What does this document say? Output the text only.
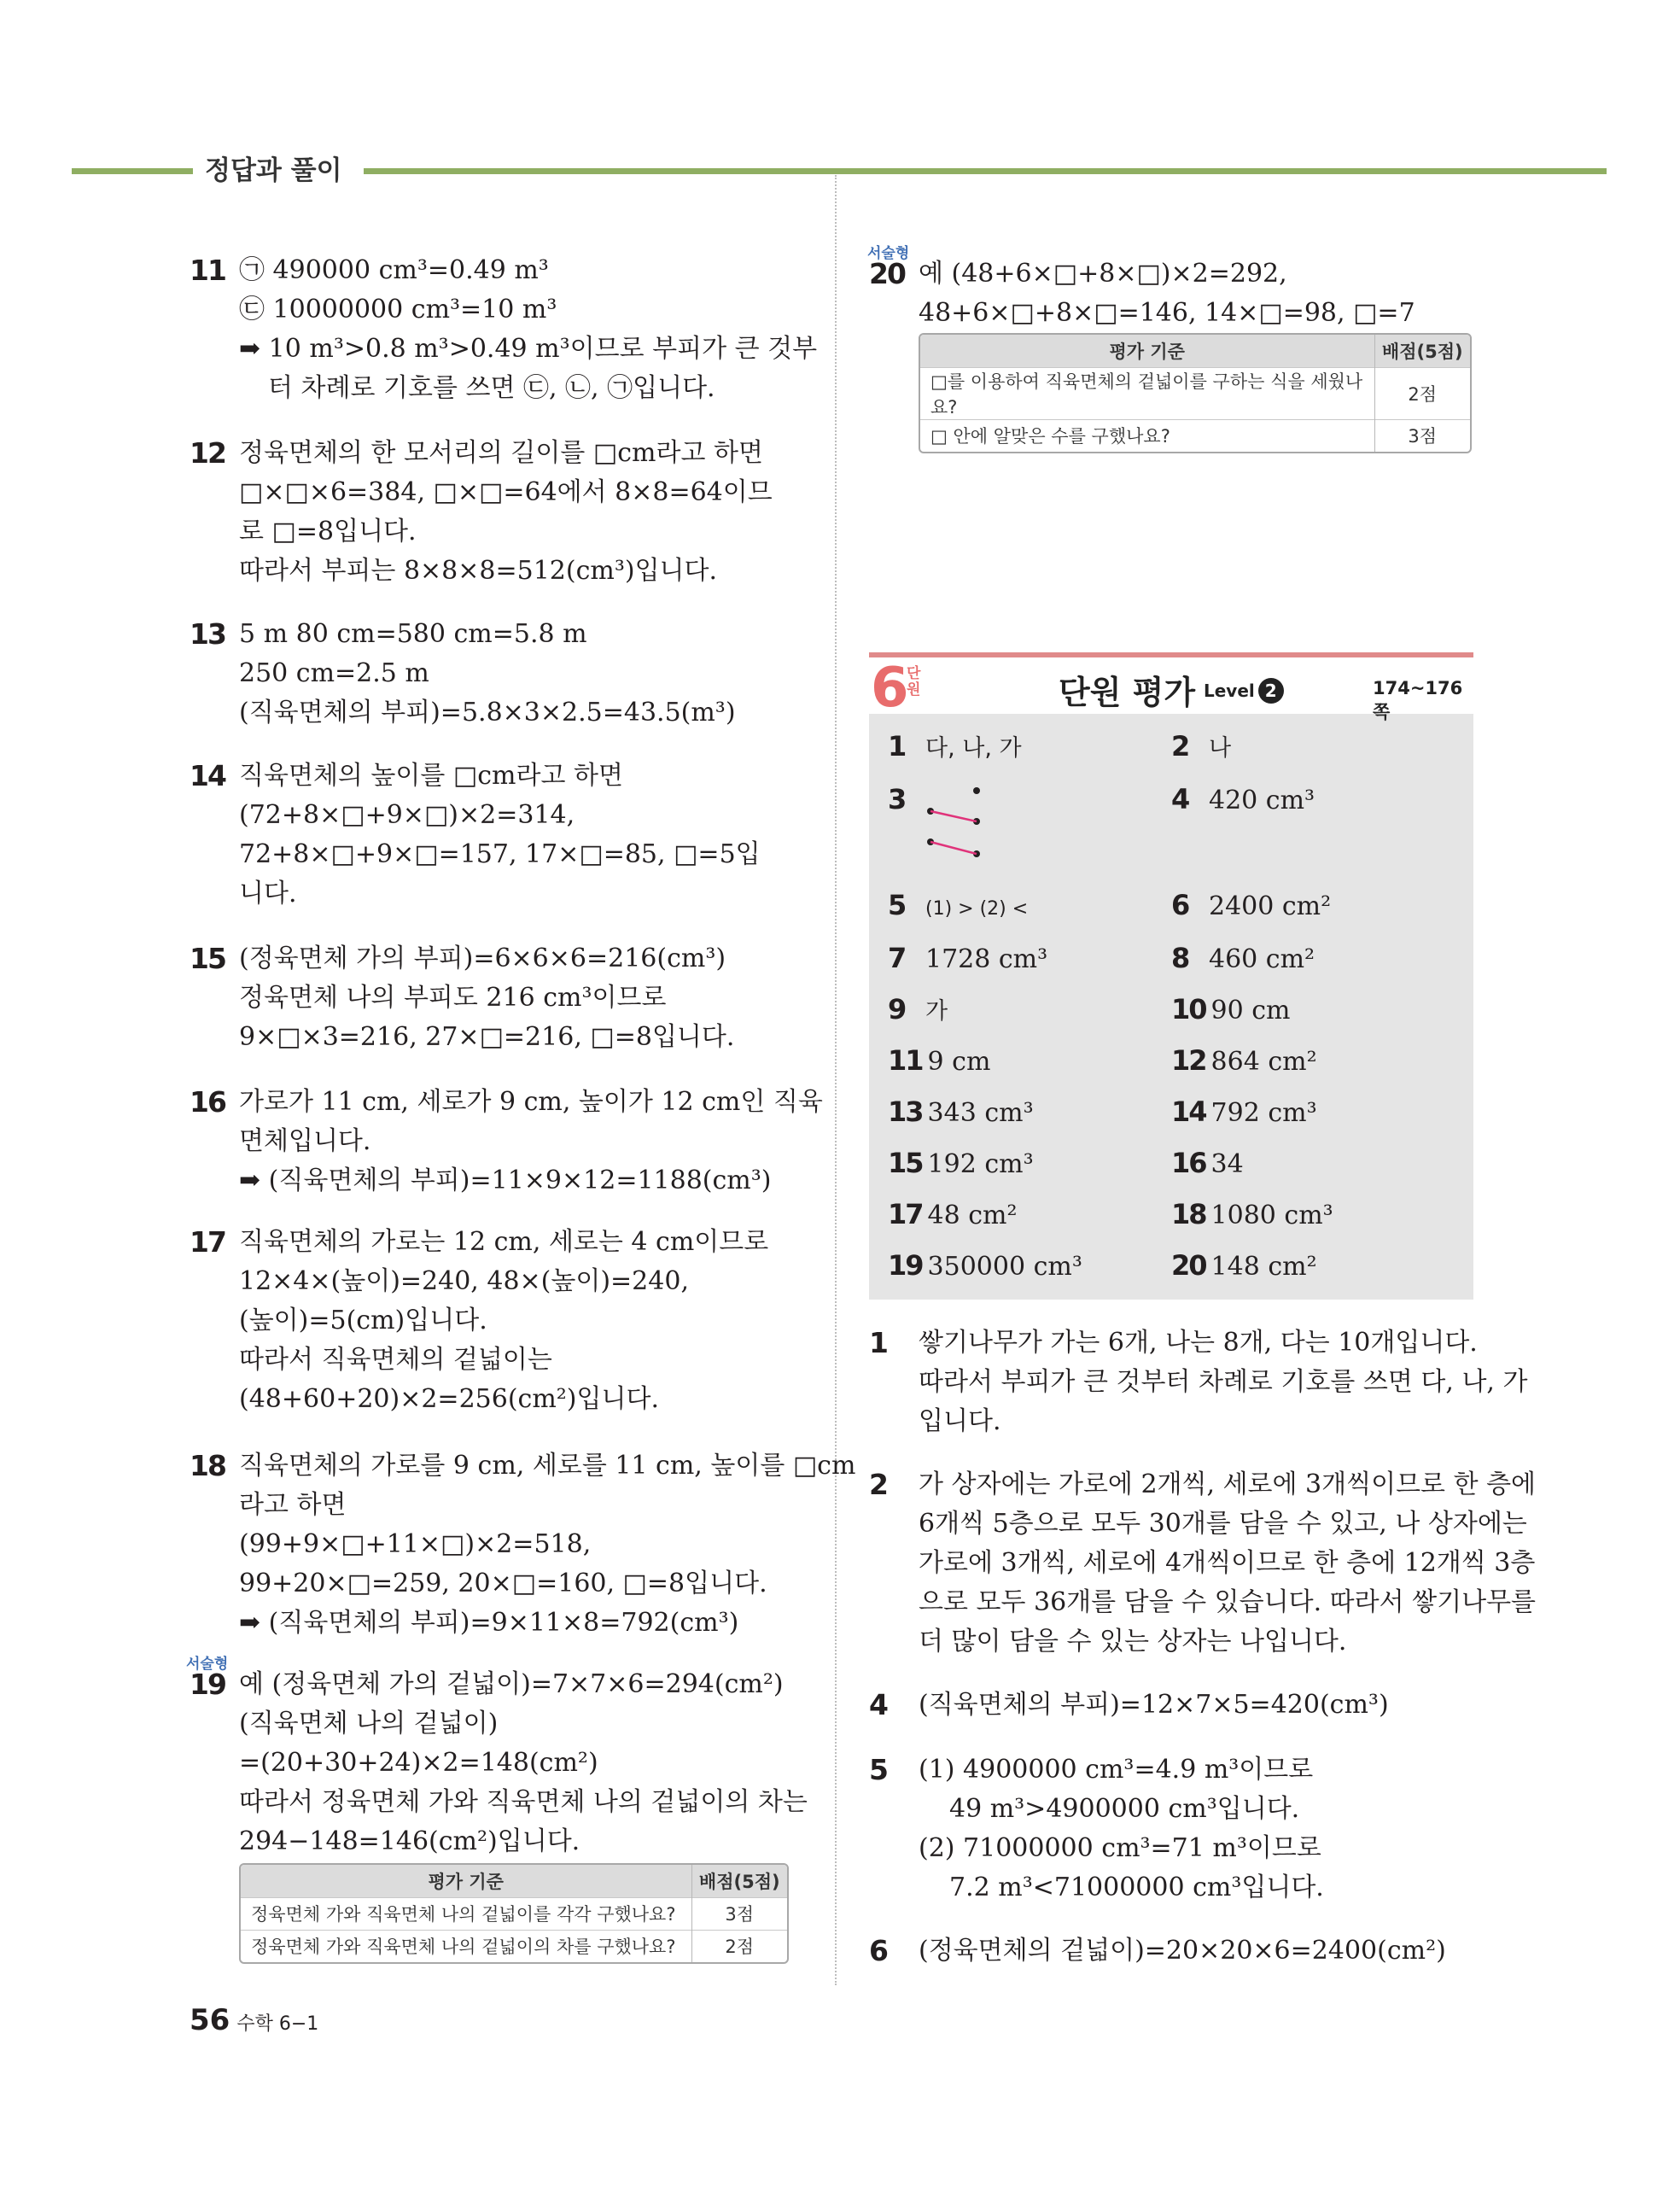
정답과 풀이
11 ㉠ 490000 cm³=0.49 m³
㉢ 10000000 cm³=10 m³
➡ 10 m³>0.8 m³>0.49 m³이므로 부피가 큰 것부
터 차례로 기호를 쓰면 ㉢, ㉡, ㉠입니다.
12 정육면체의 한 모서리의 길이를 □cm라고 하면
□×□×6=384, □×□=64에서 8×8=64이므
로 □=8입니다.
따라서 부피는 8×8×8=512(cm³)입니다.
13 5 m 80 cm=580 cm=5.8 m
250 cm=2.5 m
(직육면체의 부피)=5.8×3×2.5=43.5(m³)
14 직육면체의 높이를 □cm라고 하면
(72+8×□+9×□)×2=314,
72+8×□+9×□=157, 17×□=85, □=5입
니다.
15 (정육면체 가의 부피)=6×6×6=216(cm³)
정육면체 나의 부피도 216 cm³이므로
9×□×3=216, 27×□=216, □=8입니다.
16 가로가 11 cm, 세로가 9 cm, 높이가 12 cm인 직육
면체입니다.
➡ (직육면체의 부피)=11×9×12=1188(cm³)
17 직육면체의 가로는 12 cm, 세로는 4 cm이므로
12×4×(높이)=240, 48×(높이)=240,
(높이)=5(cm)입니다.
따라서 직육면체의 겉넓이는
(48+60+20)×2=256(cm²)입니다.
18 직육면체의 가로를 9 cm, 세로를 11 cm, 높이를 □cm
라고 하면
(99+9×□+11×□)×2=518,
99+20×□=259, 20×□=160, □=8입니다.
➡ (직육면체의 부피)=9×11×8=792(cm³)
서술형
19 예 (정육면체 가의 겉넓이)=7×7×6=294(cm²)
(직육면체 나의 겉넓이)
=(20+30+24)×2=148(cm²)
따라서 정육면체 가와 직육면체 나의 겉넓이의 차는
294−148=146(cm²)입니다.
평가 기준	배점(5점)
정육면체 가와 직육면체 나의 겉넓이를 각각 구했나요?	3점
정육면체 가와 직육면체 나의 겉넓이의 차를 구했나요?	2점
서술형
20 예 (48+6×□+8×□)×2=292,
48+6×□+8×□=146, 14×□=98, □=7
평가 기준	배점(5점)
□를 이용하여 직육면체의 겉넓이를 구하는 식을 세웠나요?	2점
□ 안에 알맞은 수를 구했나요?	3점
6
단원	단원 평가 Level 2	174~176쪽
1 다, 나, 가	2 나
3	4 420 cm³
5 (1) > (2) <	6 2400 cm²
7 1728 cm³	8 460 cm²
9 가	10 90 cm
11 9 cm	12 864 cm²
13 343 cm³	14 792 cm³
15 192 cm³	16 34
17 48 cm²	18 1080 cm³
19 350000 cm³	20 148 cm²
1 쌓기나무가 가는 6개, 나는 8개, 다는 10개입니다.
따라서 부피가 큰 것부터 차례로 기호를 쓰면 다, 나, 가
입니다.
2 가 상자에는 가로에 2개씩, 세로에 3개씩이므로 한 층에
6개씩 5층으로 모두 30개를 담을 수 있고, 나 상자에는
가로에 3개씩, 세로에 4개씩이므로 한 층에 12개씩 3층
으로 모두 36개를 담을 수 있습니다. 따라서 쌓기나무를
더 많이 담을 수 있는 상자는 나입니다.
4 (직육면체의 부피)=12×7×5=420(cm³)
5 (1) 4900000 cm³=4.9 m³이므로
49 m³>4900000 cm³입니다.
(2) 71000000 cm³=71 m³이므로
7.2 m³<71000000 cm³입니다.
6 (정육면체의 겉넓이)=20×20×6=2400(cm²)
56 수학 6−1
